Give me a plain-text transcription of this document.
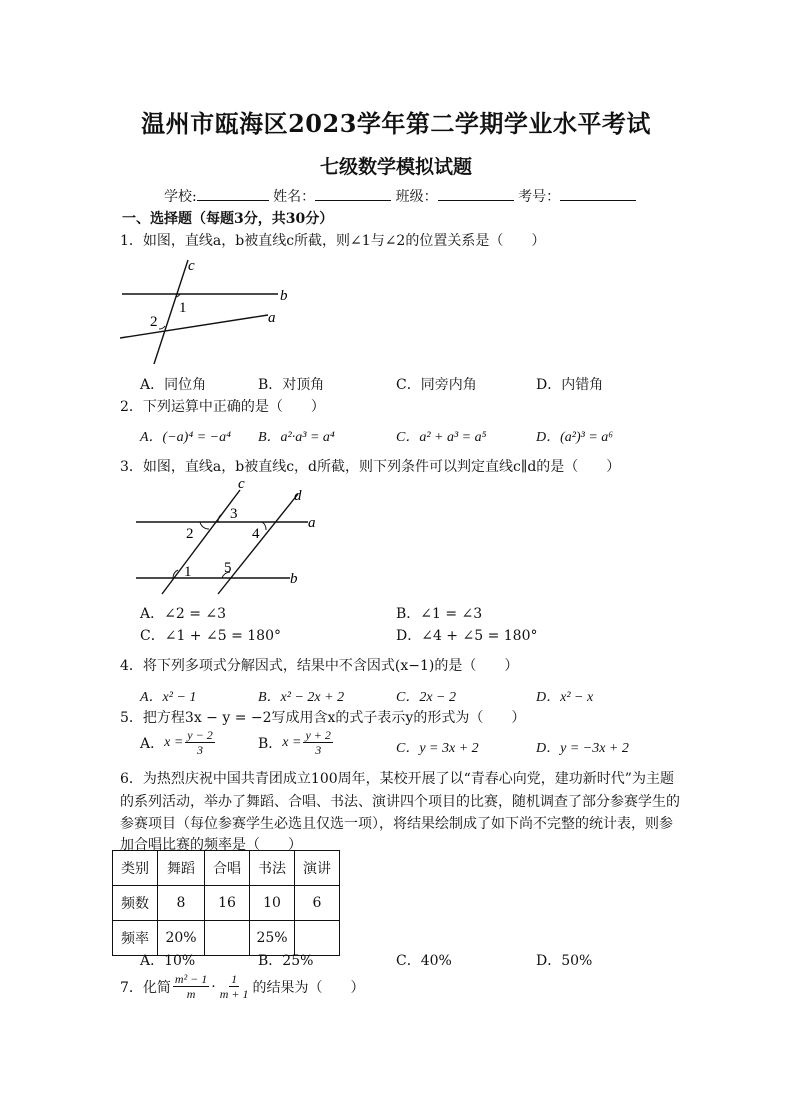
温州市瓯海区2023学年第二学期学业水平考试
七级数学模拟试题
学校:	姓名：	班级：	考号：
一、选择题（每题3分，共30分）
1．如图，直线a，b被直线c所截，则∠1与∠2的位置关系是（　　）
c
b
a
1
2
A．同位角	B．对顶角	C．同旁内角	D．内错角
2．下列运算中正确的是（　　）
A．(−a)⁴ = −a⁴ B．a²·a³ = a⁴	C．a² + a³ = a⁵	D．(a²)³ = a⁶
3．如图，直线a，b被直线c，d所截，则下列条件可以判定直线c∥d的是（　　）
c
d
a
b
2
3
4
1 5
A．∠2 = ∠3	B．∠1 = ∠3
C．∠1 + ∠5 = 180°	D．∠4 + ∠5 = 180°
4．将下列多项式分解因式，结果中不含因式(x−1)的是（　　）
A．x² − 1	B．x² − 2x + 2	C．2x − 2	D．x² − x
5．把方程3x − y = −2写成用含x的式子表示y的形式为（　　）
A． $x = \frac{y - 2}{3}$	B． $x = \frac{y + 2}{3}$	C．y = 3x + 2	D．y = −3x + 2
6．为热烈庆祝中国共青团成立100周年，某校开展了以“青春心向党，建功新时代”为主题
的系列活动，举办了舞蹈、合唱、书法、演讲四个项目的比赛，随机调查了部分参赛学生的
参赛项目（每位参赛学生必选且仅选一项），将结果绘制成了如下尚不完整的统计表，则参
加合唱比赛的频率是（　　）
类别	舞蹈	合唱	书法	演讲
频数	8	16	10	6
频率	20%		25%	
A．10%	B．25%	C．40%	D．50%
7．化简 $\frac{\text{m² − 1}}{m} \cdot \frac{1}{m + 1}$ 的结果为（　　）
